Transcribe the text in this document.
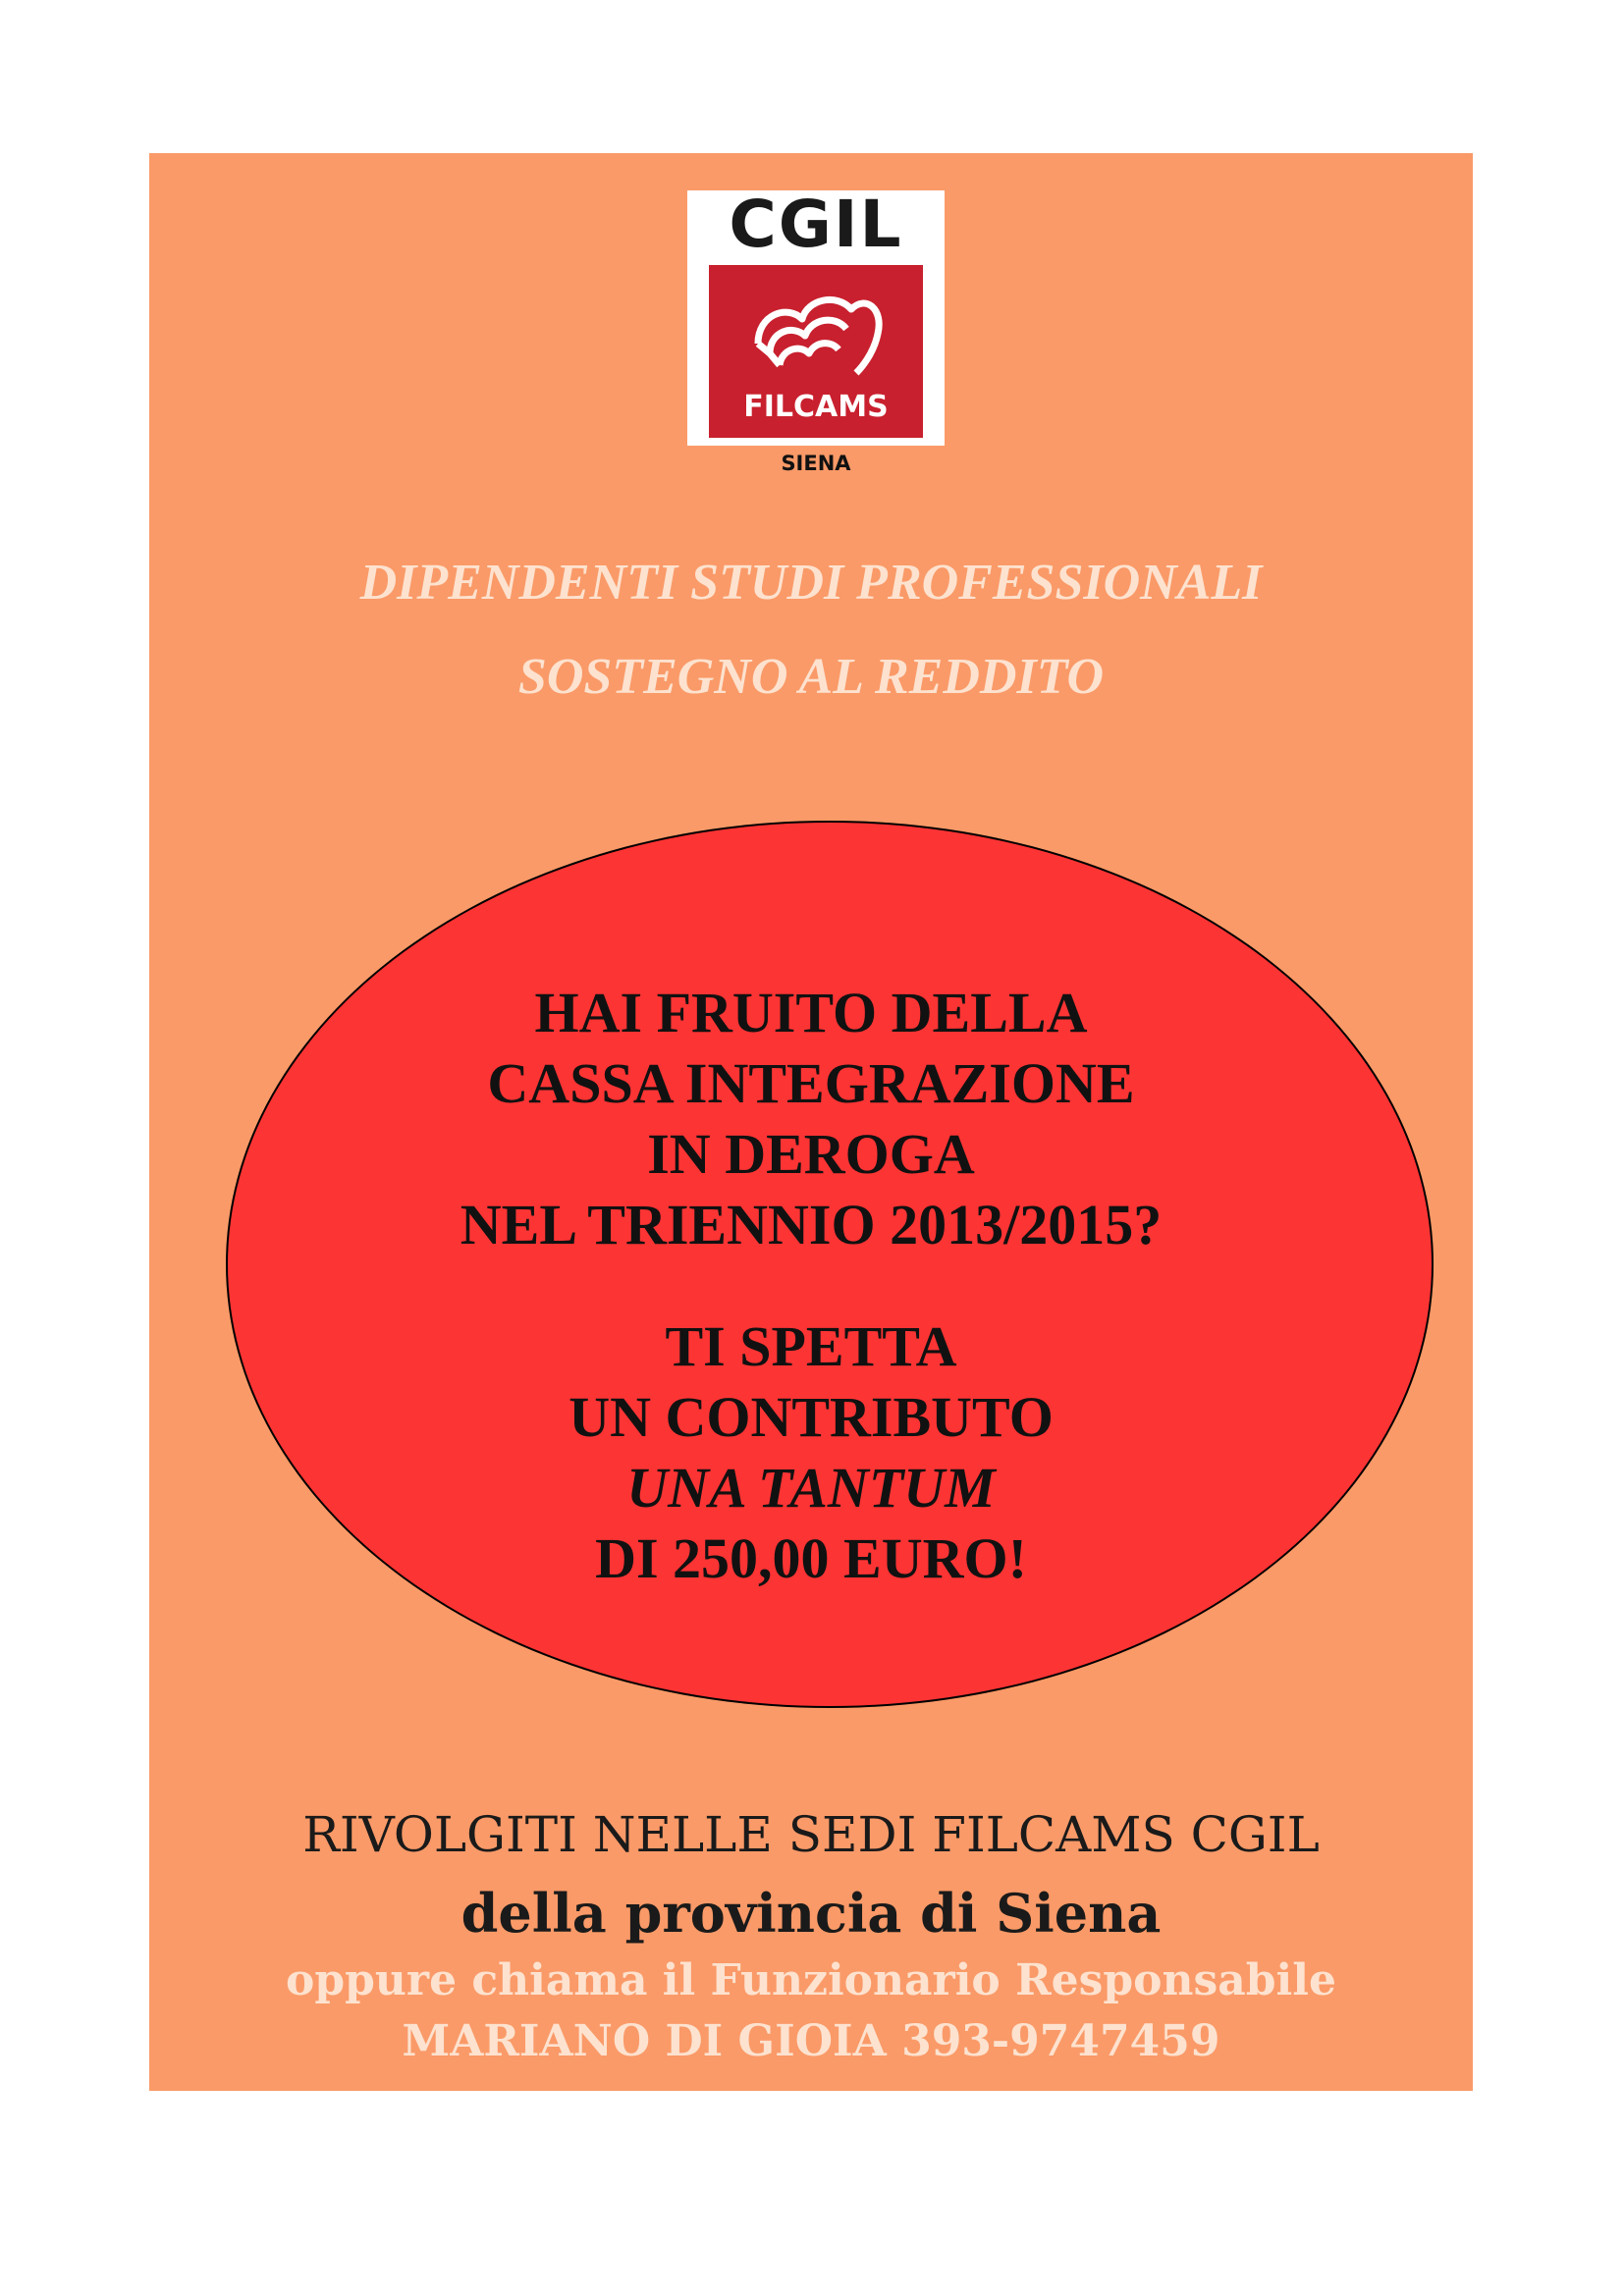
CGIL
FILCAMS
SIENA
DIPENDENTI STUDI PROFESSIONALI
SOSTEGNO AL REDDITO
HAI FRUITO DELLA
CASSA INTEGRAZIONE
IN DEROGA
NEL TRIENNIO 2013/2015?
TI SPETTA
UN CONTRIBUTO
UNA TANTUM
DI 250,00 EURO!
RIVOLGITI NELLE SEDI FILCAMS CGIL
della provincia di Siena
oppure chiama il Funzionario Responsabile
MARIANO DI GIOIA 393-9747459
